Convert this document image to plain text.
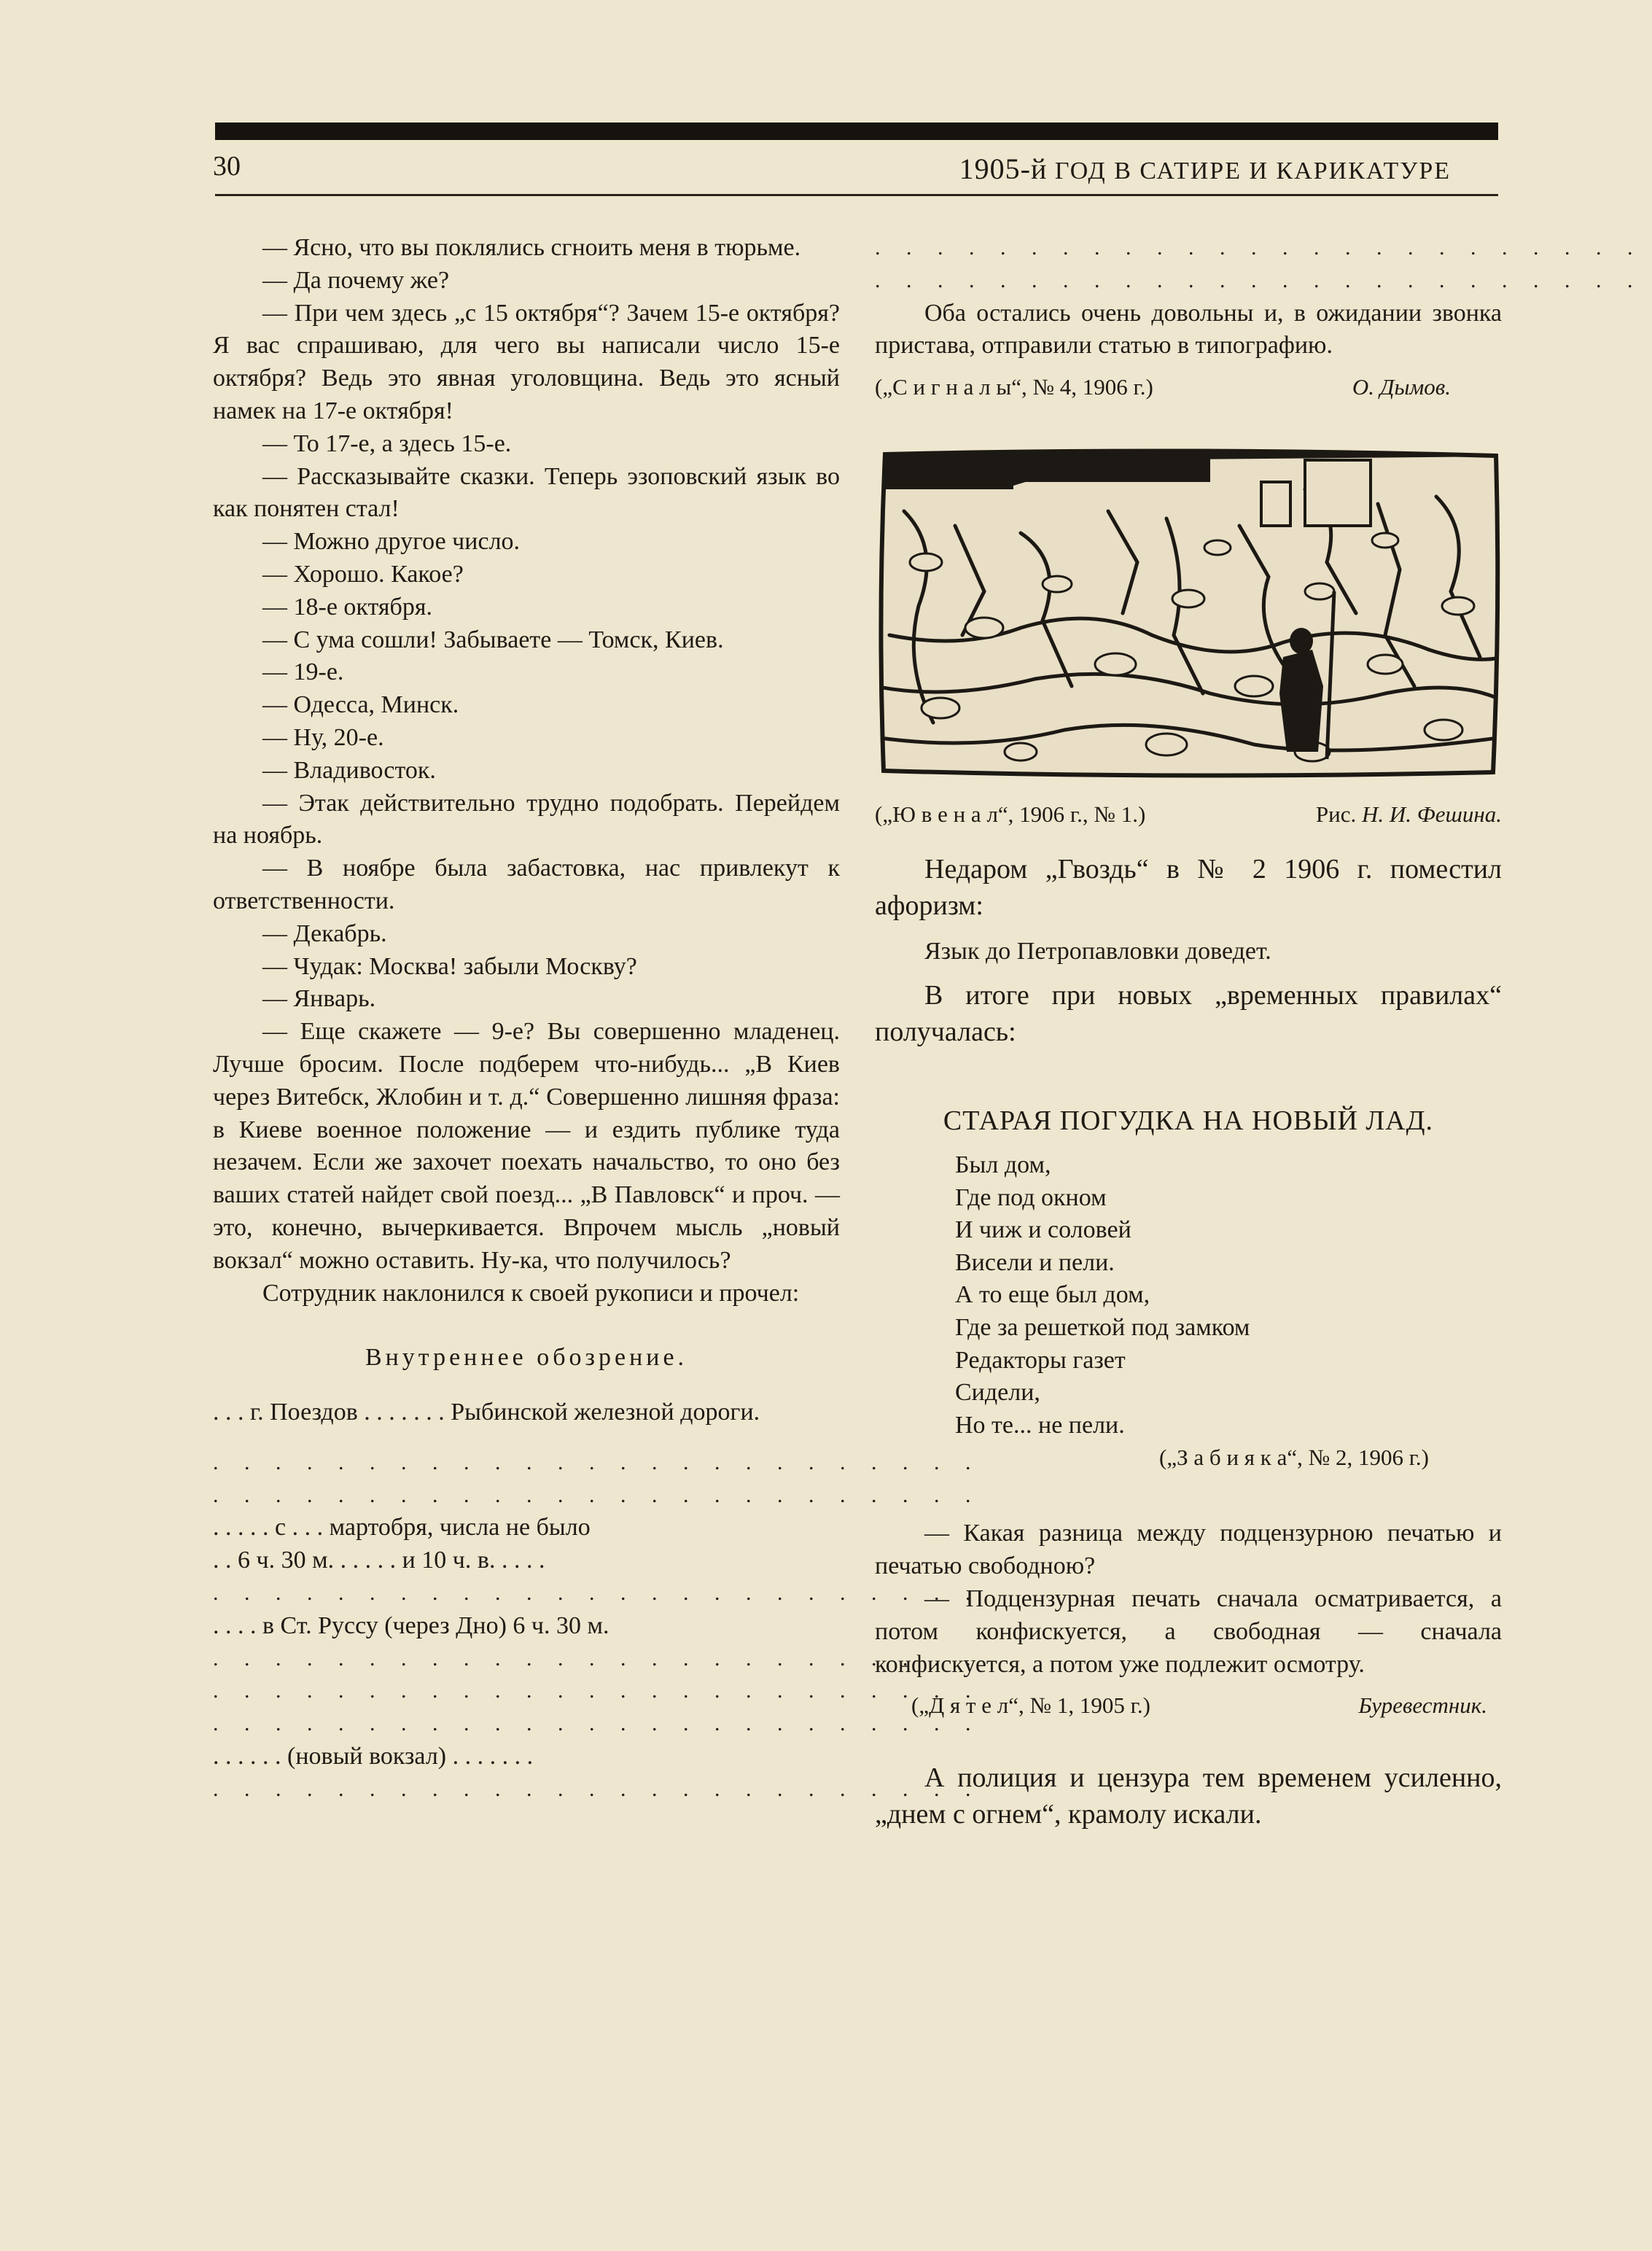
30	1905-й ГОД В САТИРЕ И КАРИКАТУРЕ

— Ясно, что вы поклялись сгноить меня в тюрьме.

— Да почему же?

— При чем здесь „с 15 октября“? Зачем 15-е октября? Я вас спрашиваю, для чего вы написали число 15-е октября? Ведь это явная уголовщина. Ведь это ясный намек на 17-е октября!

— То 17-е, а здесь 15-е.

— Рассказывайте сказки. Теперь эзоповский язык во как понятен стал!

— Можно другое число.

— Хорошо. Какое?

— 18-е октября.

— С ума сошли! Забываете — Томск, Киев.

— 19-е.

— Одесса, Минск.

— Ну, 20-е.

— Владивосток.

— Этак действительно трудно подобрать. Перейдем на ноябрь.

— В ноябре была забастовка, нас привлекут к ответственности.

— Декабрь.

— Чудак: Москва! забыли Москву?

— Январь.

— Еще скажете — 9-е? Вы совершенно младенец. Лучше бросим. После подберем что-нибудь... „В Киев через Витебск, Жлобин и т. д.“ Совершенно лишняя фраза: в Киеве военное положение — и ездить публике туда незачем. Если же захочет поехать начальство, то оно без ваших статей найдет свой поезд... „В Павловск“ и проч. — это, конечно, вычеркивается. Впрочем мысль „новый вокзал“ можно оставить. Ну-ка, что получилось?

Сотрудник наклонился к своей рукописи и прочел:

Внутреннее обозрение.

. . . г. Поездов . . . . . . . Рыбинской железной дороги.

. . . . . . . . . . . . . . . . . . . . . . . . .

. . . . . . . . . . . . . . . . . . . . . . . . .

. . . . . с . . . мартобря, числа не было

. . 6 ч. 30 м. . . . . . и 10 ч. в. . . . .

. . . . . . . . . . . . . . . . . . . . . . . . .

. . . . в Ст. Руссу (через Дно) 6 ч. 30 м.

. . . . . . . . . . . . . . . . . . . . . . . . .

. . . . . . . . . . . . . . . . . . . . . . . . .

. . . . . . . . . . . . . . . . . . . . . . . . .

. . . . . . (новый вокзал) . . . . . . .

. . . . . . . . . . . . . . . . . . . . . . . . .

. . . . . . . . . . . . . . . . . . . . . . . . .

. . . . . . . . . . . . . . . . . . . . . . . . .

Оба остались очень довольны и, в ожидании звонка пристава, отправили статью в типографию.

(„С и г н а л ы“, № 4, 1906 г.)	О. Дымов.

(„Ю в е н а л“, 1906 г., № 1.)	Рис. Н. И. Фешина.

Недаром „Гвоздь“ в № 2 1906 г. поместил афоризм:

Язык до Петропавловки доведет.

В итоге при новых „временных правилах“ получалась:

СТАРАЯ ПОГУДКА НА НОВЫЙ ЛАД.

Был дом,

Где под окном

И чиж и соловей

Висели и пели.

А то еще был дом,

Где за решеткой под замком

Редакторы газет

Сидели,

Но те... не пели.

(„З а б и я к а“, № 2, 1906 г.)

— Какая разница между подцензурною печатью и печатью свободною?

— Подцензурная печать сначала осматривается, а потом конфискуется, а свободная — сначала конфискуется, а потом уже подлежит осмотру.

(„Д я т е л“, № 1, 1905 г.)	Буревестник.

А полиция и цензура тем временем усиленно, „днем с огнем“, крамолу искали.
